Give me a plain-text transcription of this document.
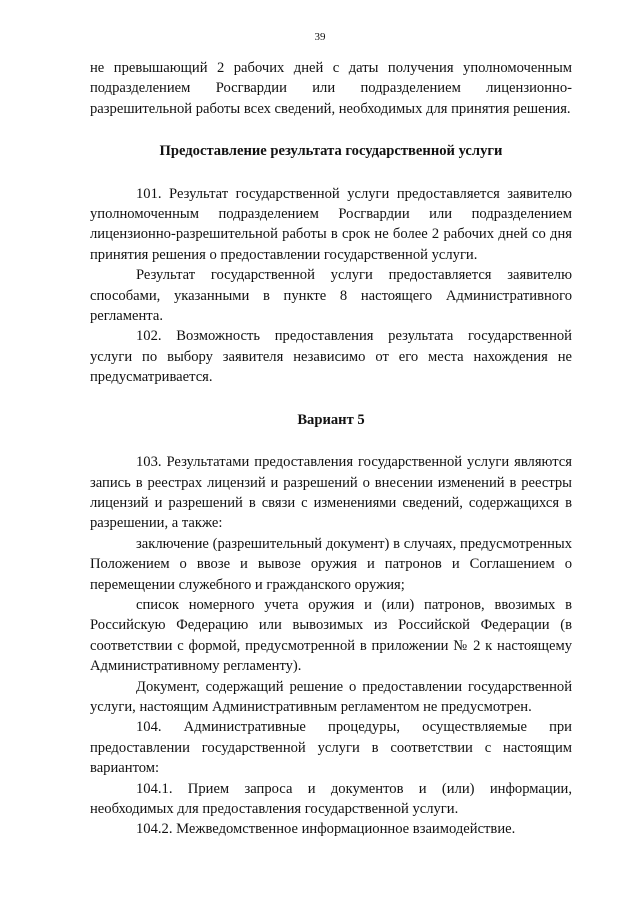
39

не превышающий 2 рабочих дней с даты получения уполномоченным подразделением Росгвардии или подразделением лицензионно-разрешительной работы всех сведений, необходимых для принятия решения.

Предоставление результата государственной услуги

101. Результат государственной услуги предоставляется заявителю уполномоченным подразделением Росгвардии или подразделением лицензионно-разрешительной работы в срок не более 2 рабочих дней со дня принятия решения о предоставлении государственной услуги.

Результат государственной услуги предоставляется заявителю способами, указанными в пункте 8 настоящего Административного регламента.

102. Возможность предоставления результата государственной услуги по выбору заявителя независимо от его места нахождения не предусматривается.

Вариант 5

103. Результатами предоставления государственной услуги являются запись в реестрах лицензий и разрешений о внесении изменений в реестры лицензий и разрешений в связи с изменениями сведений, содержащихся в разрешении, а также:

заключение (разрешительный документ) в случаях, предусмотренных Положением о ввозе и вывозе оружия и патронов и Соглашением о перемещении служебного и гражданского оружия;

список номерного учета оружия и (или) патронов, ввозимых в Российскую Федерацию или вывозимых из Российской Федерации (в соответствии с формой, предусмотренной в приложении № 2 к настоящему Административному регламенту).

Документ, содержащий решение о предоставлении государственной услуги, настоящим Административным регламентом не предусмотрен.

104. Административные процедуры, осуществляемые при предоставлении государственной услуги в соответствии с настоящим вариантом:

104.1. Прием запроса и документов и (или) информации, необходимых для предоставления государственной услуги.

104.2. Межведомственное информационное взаимодействие.
